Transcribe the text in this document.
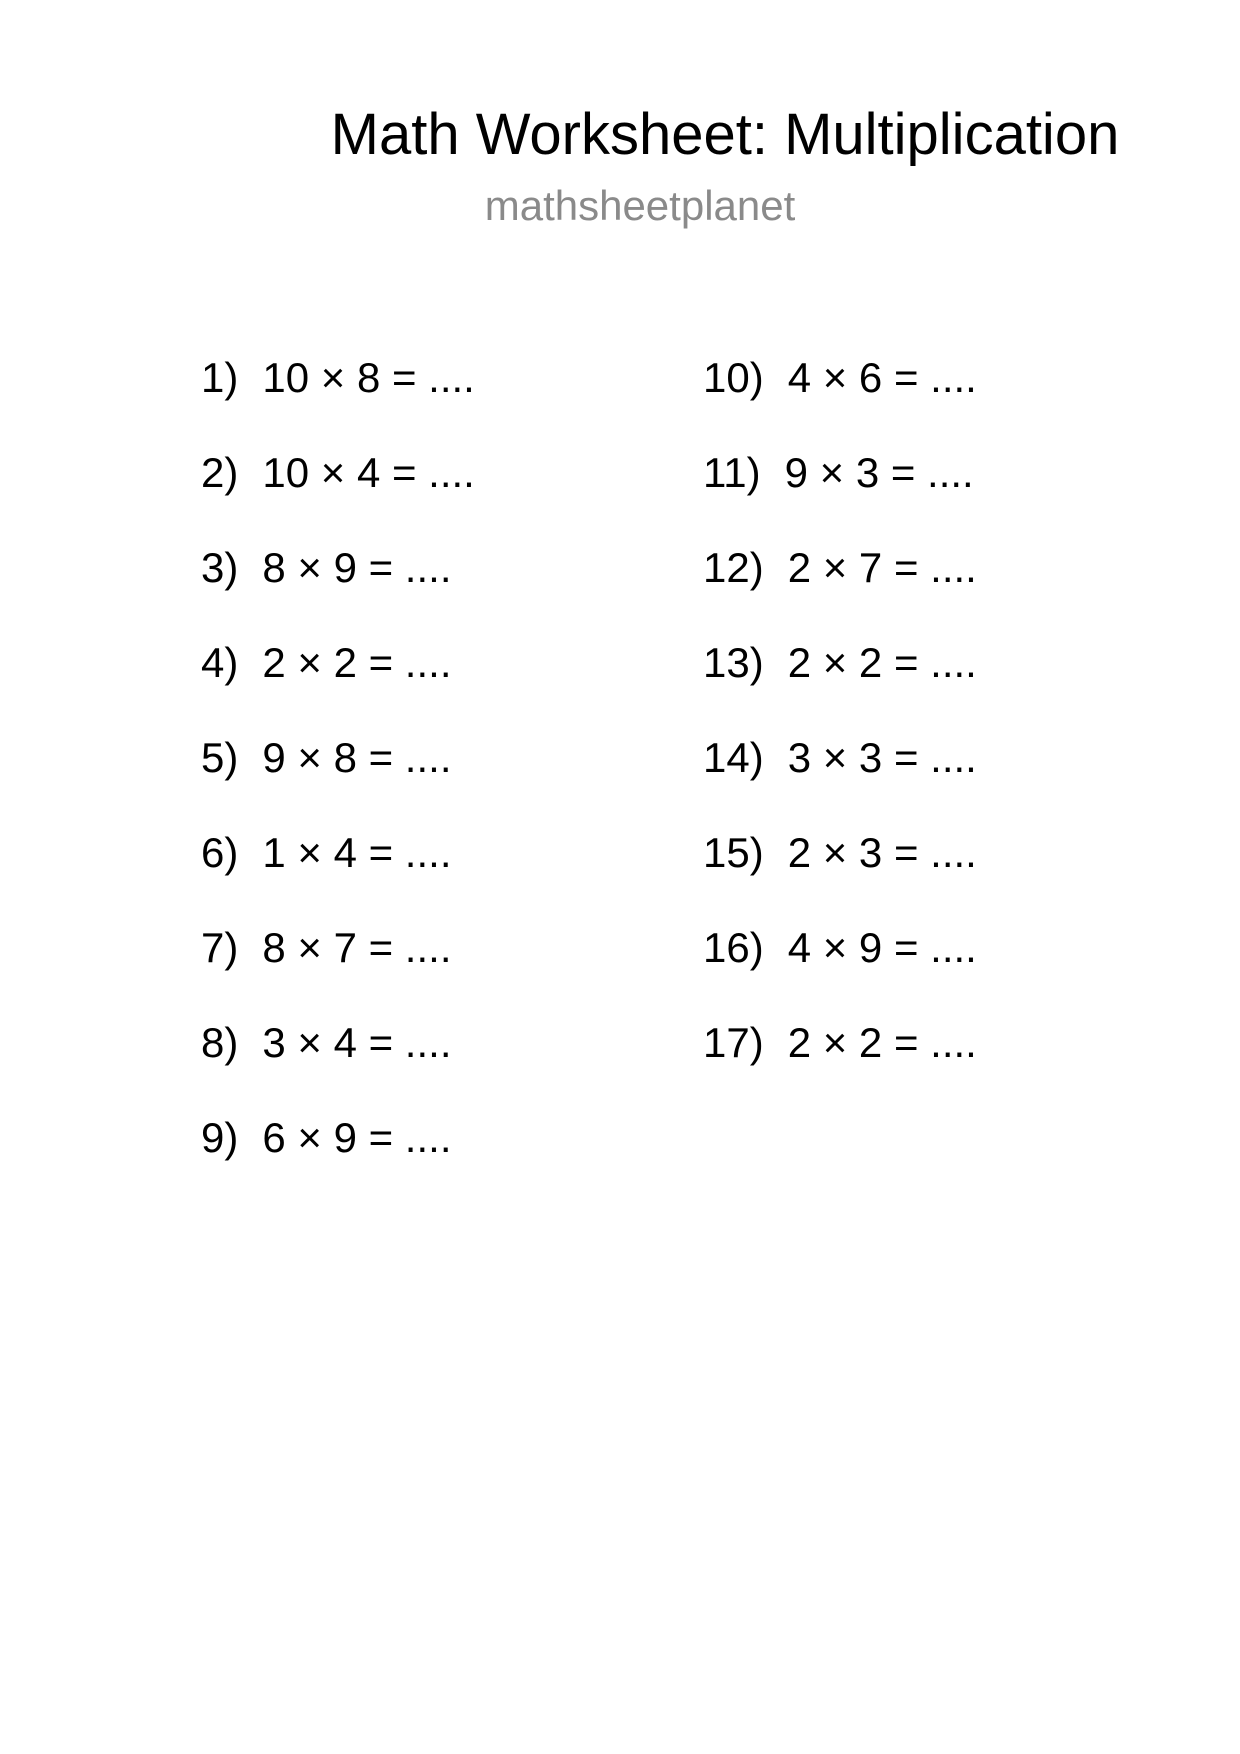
Math Worksheet: Multiplication
mathsheetplanet
1) 10 × 8 = ....
2) 10 × 4 = ....
3) 8 × 9 = ....
4) 2 × 2 = ....
5) 9 × 8 = ....
6) 1 × 4 = ....
7) 8 × 7 = ....
8) 3 × 4 = ....
9) 6 × 9 = ....
10) 4 × 6 = ....
11) 9 × 3 = ....
12) 2 × 7 = ....
13) 2 × 2 = ....
14) 3 × 3 = ....
15) 2 × 3 = ....
16) 4 × 9 = ....
17) 2 × 2 = ....
